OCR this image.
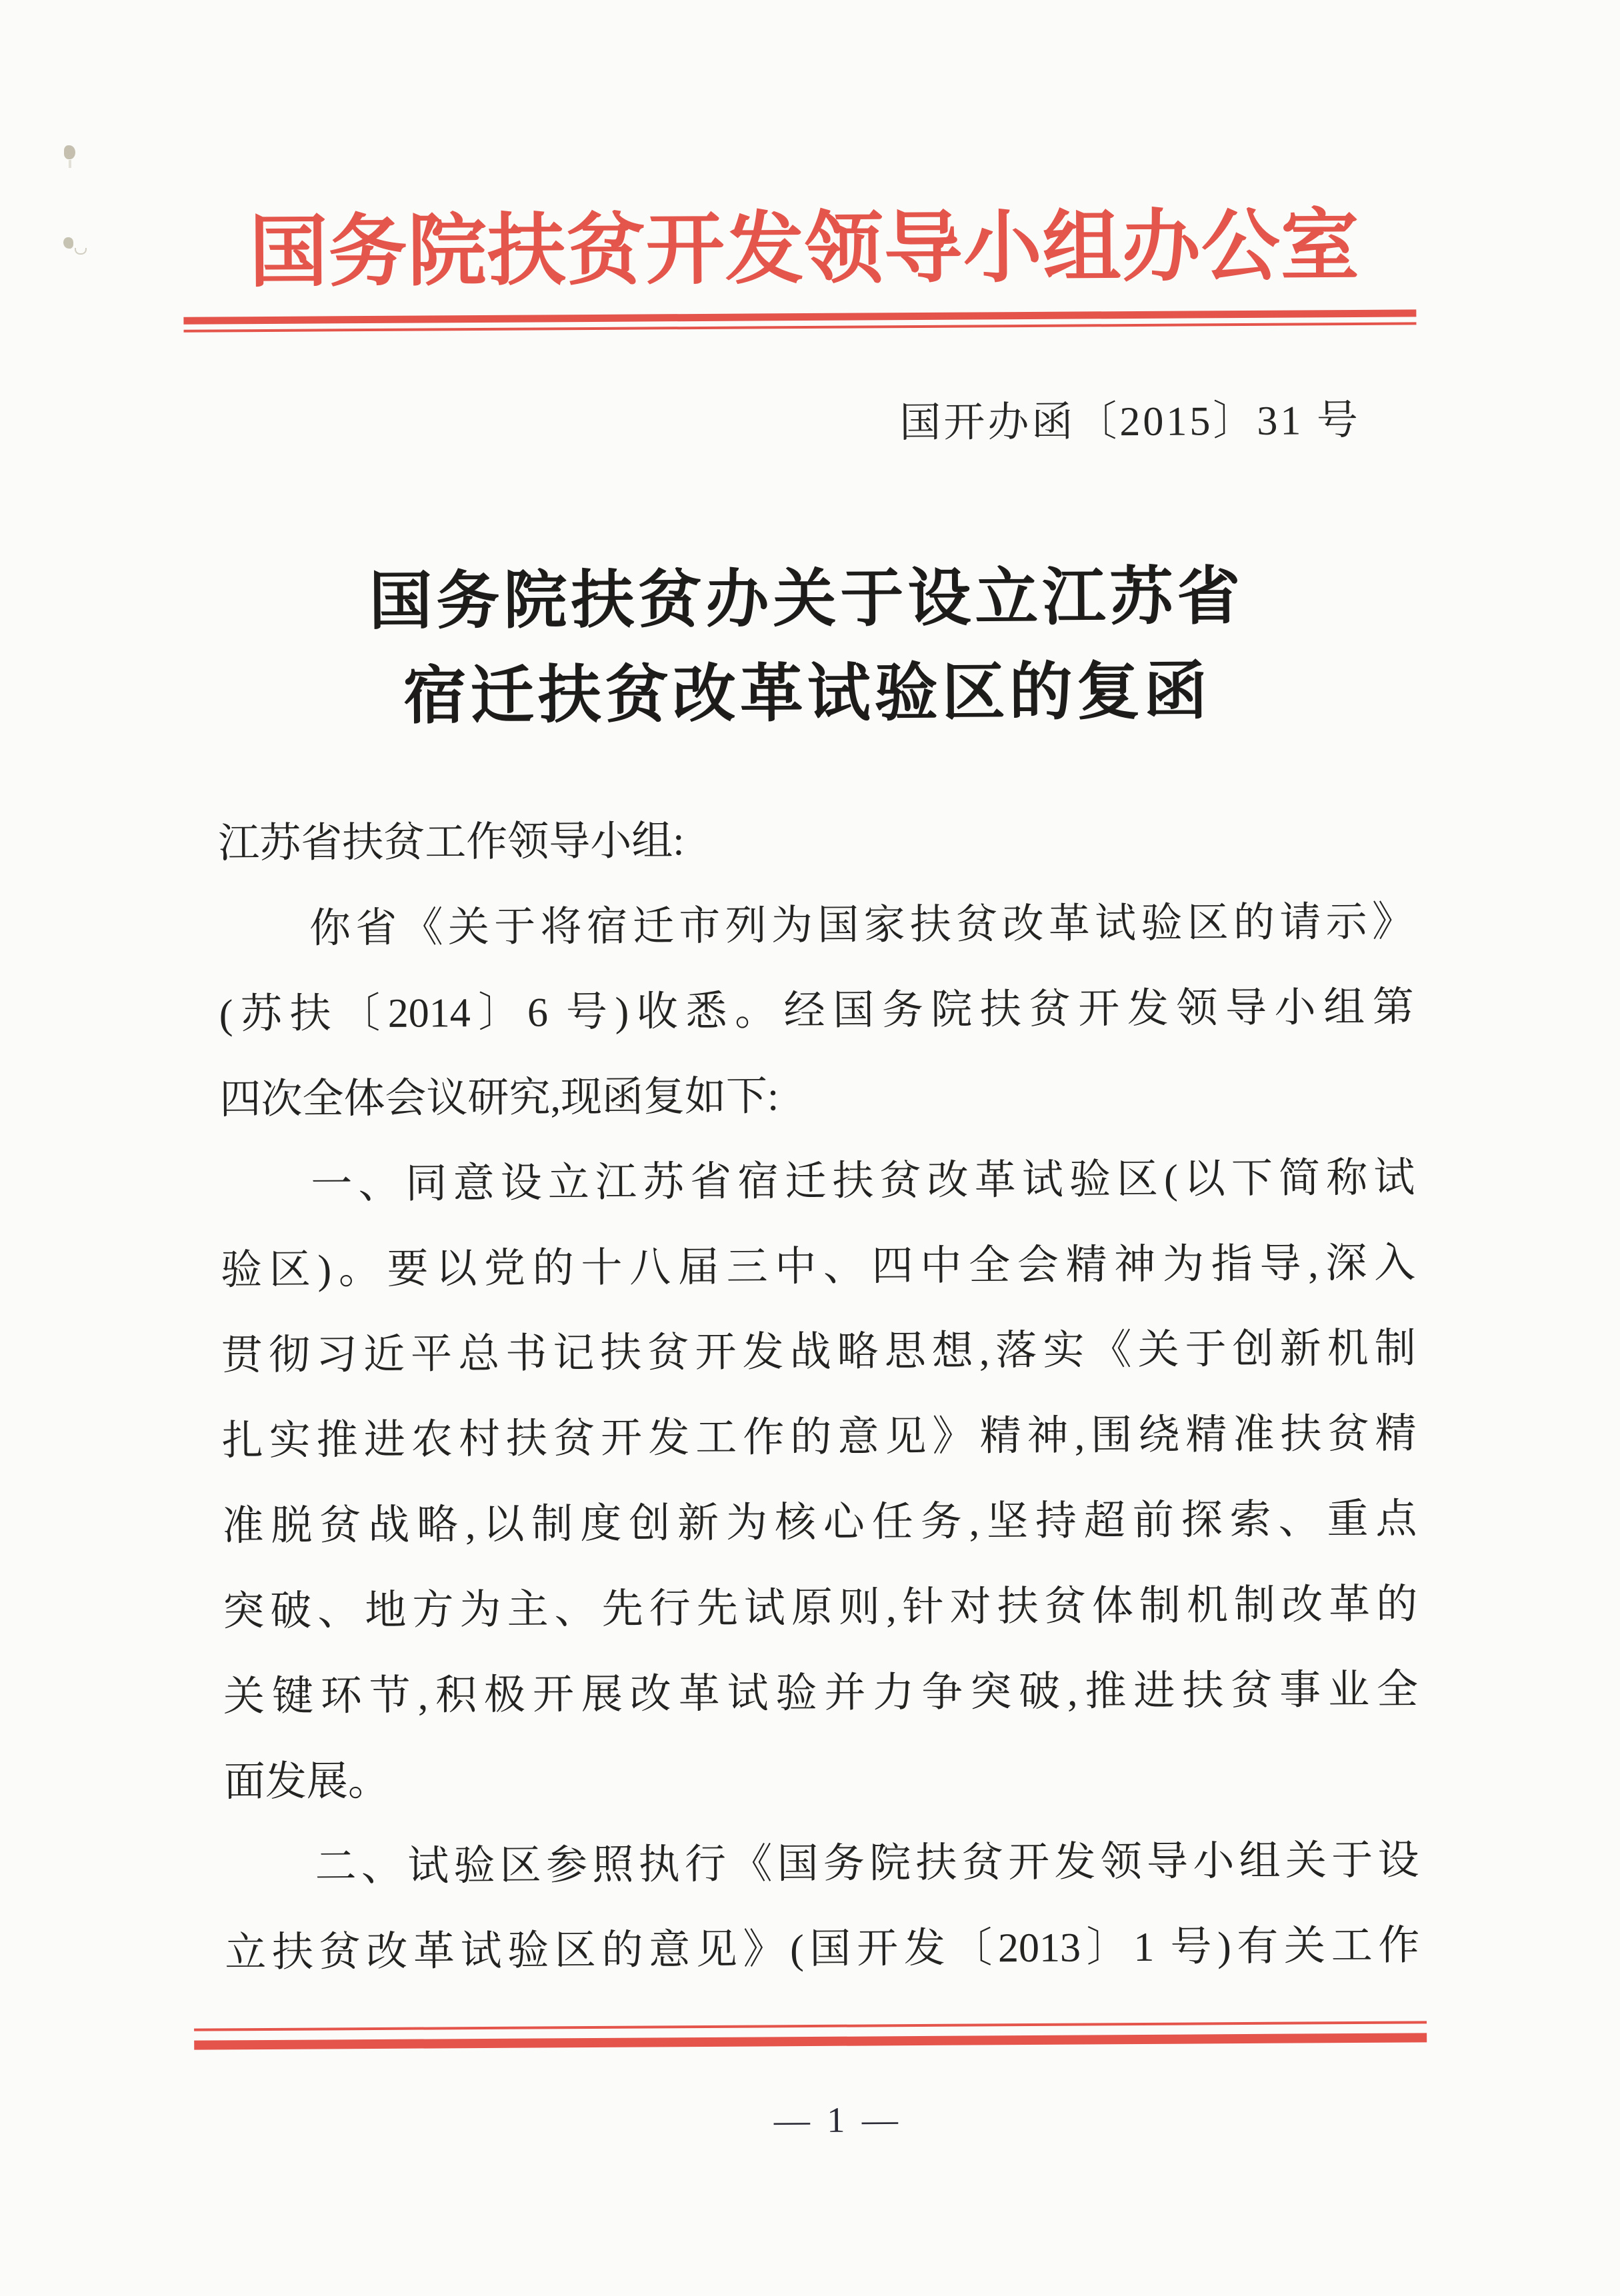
国务院扶贫开发领导小组办公室
国开办函〔2015〕31 号
国务院扶贫办关于设立江苏省
宿迁扶贫改革试验区的复函
江苏省扶贫工作领导小组:
你省《关于将宿迁市列为国家扶贫改革试验区的请示》
(苏扶〔2014〕6 号)收悉。经国务院扶贫开发领导小组第
四次全体会议研究,现函复如下:
一、同意设立江苏省宿迁扶贫改革试验区(以下简称试
验区)。要以党的十八届三中、四中全会精神为指导,深入
贯彻习近平总书记扶贫开发战略思想,落实《关于创新机制
扎实推进农村扶贫开发工作的意见》精神,围绕精准扶贫精
准脱贫战略,以制度创新为核心任务,坚持超前探索、重点
突破、地方为主、先行先试原则,针对扶贫体制机制改革的
关键环节,积极开展改革试验并力争突破,推进扶贫事业全
面发展。
二、试验区参照执行《国务院扶贫开发领导小组关于设
立扶贫改革试验区的意见》(国开发〔2013〕1 号)有关工作
— 1 —
